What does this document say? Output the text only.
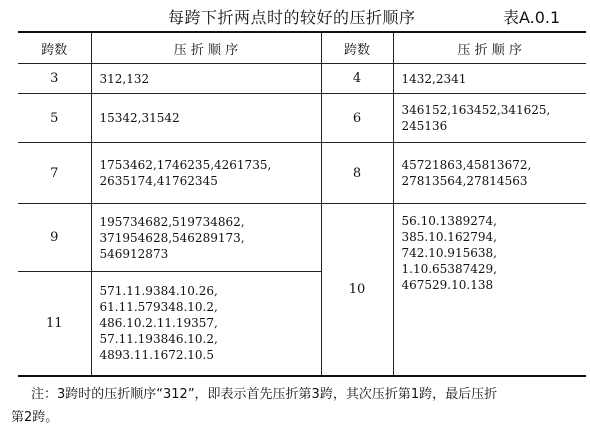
每跨下折两点时的较好的压折顺序	表A.0.1
跨数	压 折 顺 序	跨数	压 折 顺 序
3	312,132	4	1432,2341

5	15342,31542	6	346152,163452,341625,
245136

7	1753462,1746235,4261735,
2635174,41762345	8	45721863,45813672,
27813564,27814563

9	195734682,519734862,
371954628,546289173,
546912873	10	56.10.1389274,
385.10.162794,
742.10.915638,
1.10.65387429,
467529.10.138

11	571.11.9384.10.26,
61.11.579348.10.2,
486.10.2.11.19357,
57.11.193846.10.2,
4893.11.1672.10.5		
注：3跨时的压折顺序“312”，即表示首先压折第3跨，其次压折第1跨，最后压折
第2跨。
